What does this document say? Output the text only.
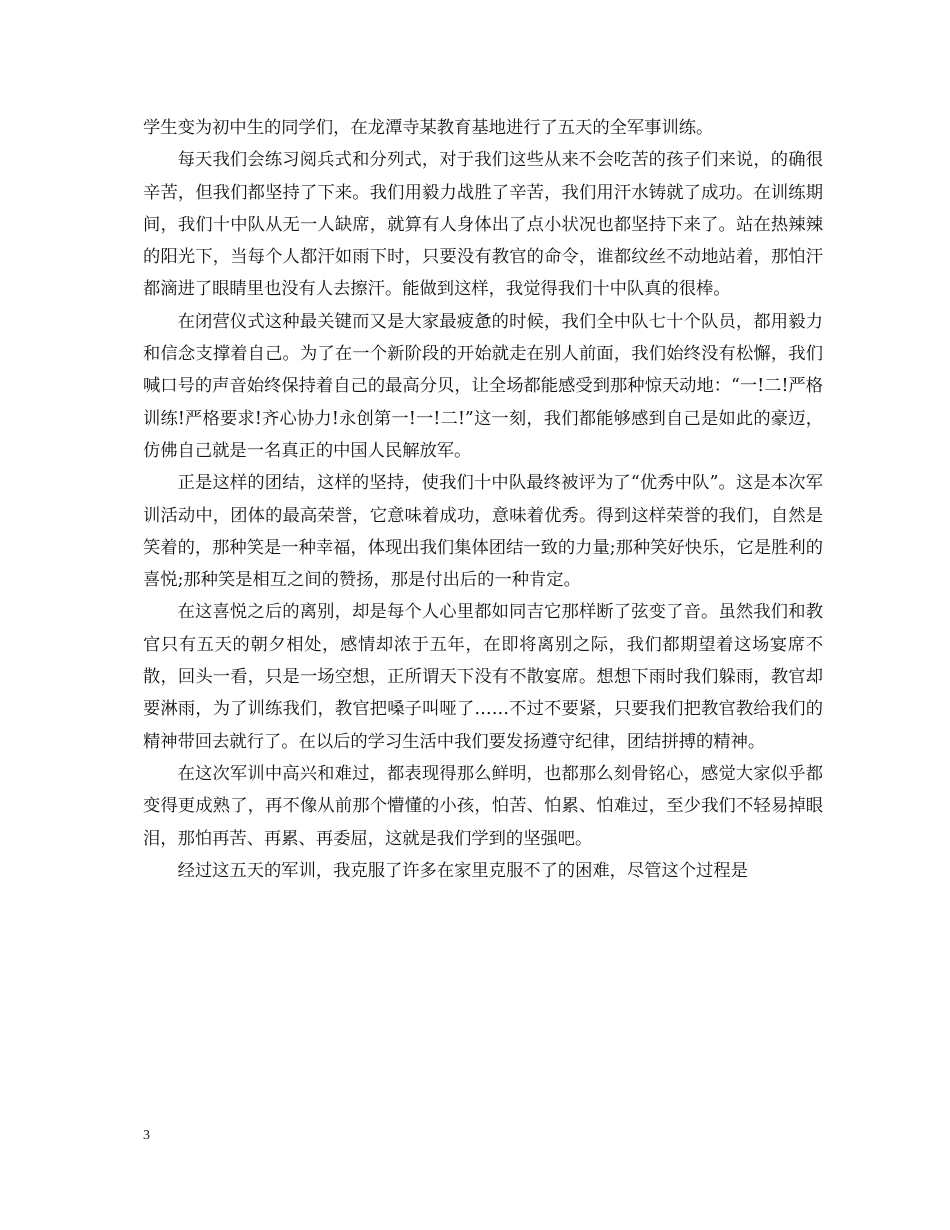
学生变为初中生的同学们，在龙潭寺某教育基地进行了五天的全军事训练。

每天我们会练习阅兵式和分列式，对于我们这些从来不会吃苦的孩子们来说，的确很辛苦，但我们都坚持了下来。我们用毅力战胜了辛苦，我们用汗水铸就了成功。在训练期间，我们十中队从无一人缺席，就算有人身体出了点小状况也都坚持下来了。站在热辣辣的阳光下，当每个人都汗如雨下时，只要没有教官的命令，谁都纹丝不动地站着，那怕汗都滴进了眼睛里也没有人去擦汗。能做到这样，我觉得我们十中队真的很棒。

在闭营仪式这种最关键而又是大家最疲惫的时候，我们全中队七十个队员，都用毅力和信念支撑着自己。为了在一个新阶段的开始就走在别人前面，我们始终没有松懈，我们喊口号的声音始终保持着自己的最高分贝，让全场都能感受到那种惊天动地：“一!二!严格训练!严格要求!齐心协力!永创第一!一!二!”这一刻，我们都能够感到自己是如此的豪迈，仿佛自己就是一名真正的中国人民解放军。

正是这样的团结，这样的坚持，使我们十中队最终被评为了“优秀中队”。这是本次军训活动中，团体的最高荣誉，它意味着成功，意味着优秀。得到这样荣誉的我们，自然是笑着的，那种笑是一种幸福，体现出我们集体团结一致的力量;那种笑好快乐，它是胜利的喜悦;那种笑是相互之间的赞扬，那是付出后的一种肯定。

在这喜悦之后的离别，却是每个人心里都如同吉它那样断了弦变了音。虽然我们和教官只有五天的朝夕相处，感情却浓于五年，在即将离别之际，我们都期望着这场宴席不散，回头一看，只是一场空想，正所谓天下没有不散宴席。想想下雨时我们躲雨，教官却要淋雨，为了训练我们，教官把嗓子叫哑了……不过不要紧，只要我们把教官教给我们的精神带回去就行了。在以后的学习生活中我们要发扬遵守纪律，团结拼搏的精神。

在这次军训中高兴和难过，都表现得那么鲜明，也都那么刻骨铭心，感觉大家似乎都变得更成熟了，再不像从前那个懵懂的小孩，怕苦、怕累、怕难过，至少我们不轻易掉眼泪，那怕再苦、再累、再委屈，这就是我们学到的坚强吧。

经过这五天的军训，我克服了许多在家里克服不了的困难，尽管这个过程是

3
